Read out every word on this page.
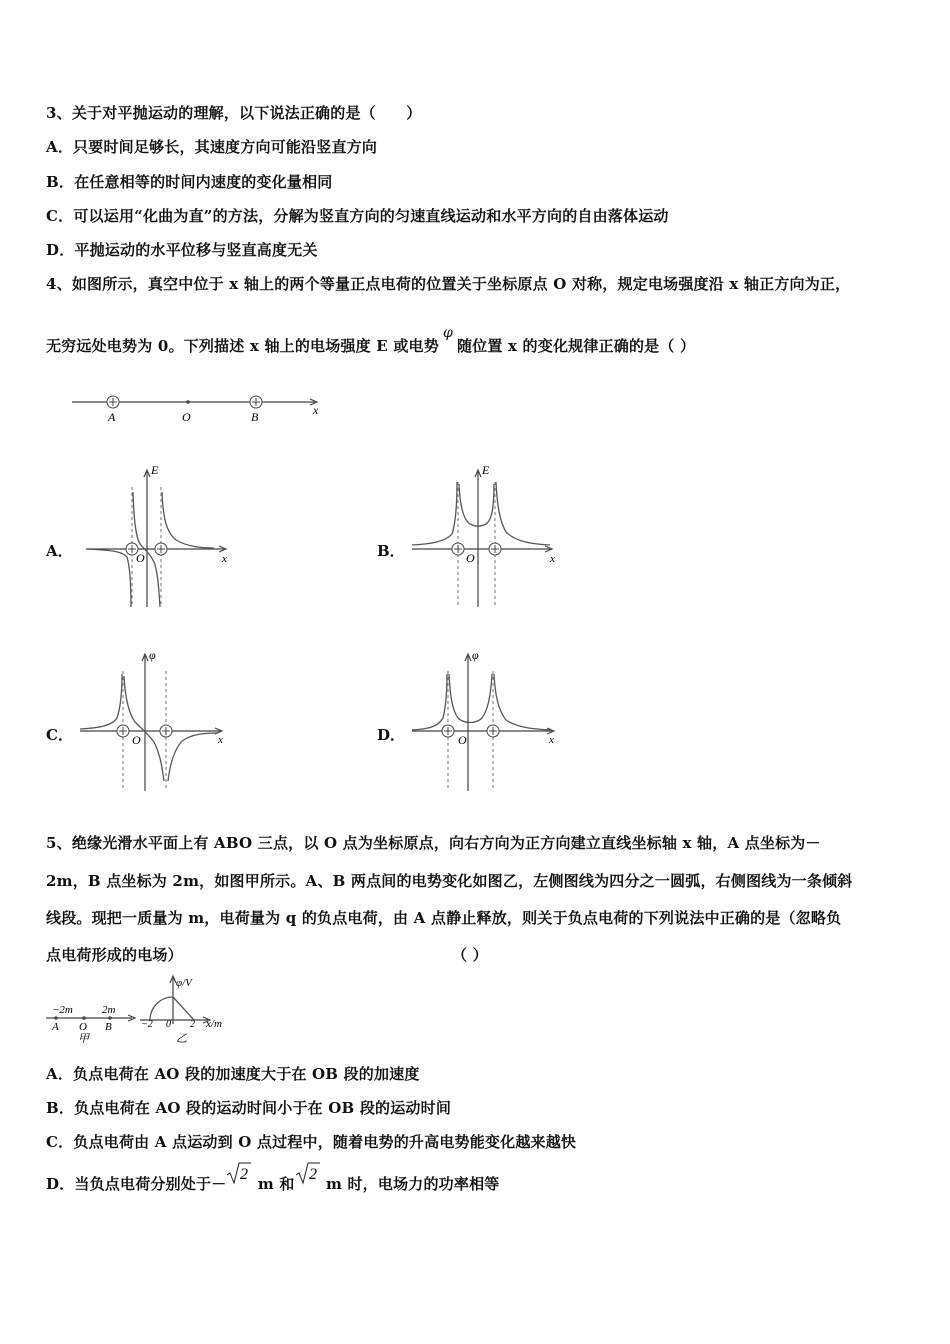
3、关于对平抛运动的理解，以下说法正确的是（　　）
A．只要时间足够长，其速度方向可能沿竖直方向
B．在任意相等的时间内速度的变化量相同
C．可以运用“化曲为直”的方法，分解为竖直方向的匀速直线运动和水平方向的自由落体运动
D．平抛运动的水平位移与竖直高度无关
4、如图所示，真空中位于 x 轴上的两个等量正点电荷的位置关于坐标原点 O 对称，规定电场强度沿 x 轴正方向为正，
无穷远处电势为 0。下列描述 x 轴上的电场强度 E 或电势φ随位置 x 的变化规律正确的是（ ）
A	O	B	x
A．
E
O	x	B．
E
O	x
C．
φ
O	x	D．
φ
O	x
5、绝缘光滑水平面上有 ABO 三点，以 O 点为坐标原点，向右方向为正方向建立直线坐标轴 x 轴，A 点坐标为－
2m，B 点坐标为 2m，如图甲所示。A、B 两点间的电势变化如图乙，左侧图线为四分之一圆弧，右侧图线为一条倾斜
线段。现把一质量为 m，电荷量为 q 的负点电荷，由 A 点静止释放，则关于负点电荷的下列说法中正确的是（忽略负
点电荷形成的电场）	（ ）
−2m	2m
A O B
甲
φ/V
x/m
−2 0 2
乙
A．负点电荷在 AO 段的加速度大于在 OB 段的加速度
B．负点电荷在 AO 段的运动时间小于在 OB 段的运动时间
C．负点电荷由 A 点运动到 O 点过程中，随着电势的升高电势能变化越来越快
D．当负点电荷分别处于－
2
m 和
2
m 时，电场力的功率相等
